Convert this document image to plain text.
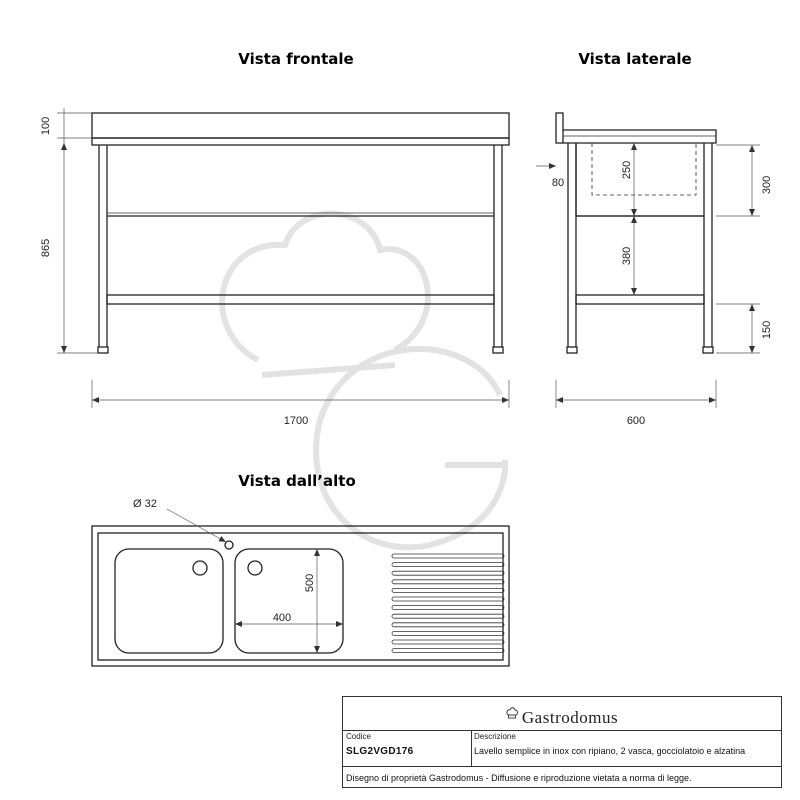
Vista frontale	Vista laterale
Vista dall’alto
100
865
1700
250
380
80	300
150
600
Ø 32
400
500
Gastrodomus
Codice
SLG2VGD176
Descrizione
Lavello semplice in inox con ripiano, 2 vasca, gocciolatoio e alzatina
Disegno di proprietà Gastrodomus - Diffusione e riproduzione vietata a norma di legge.
